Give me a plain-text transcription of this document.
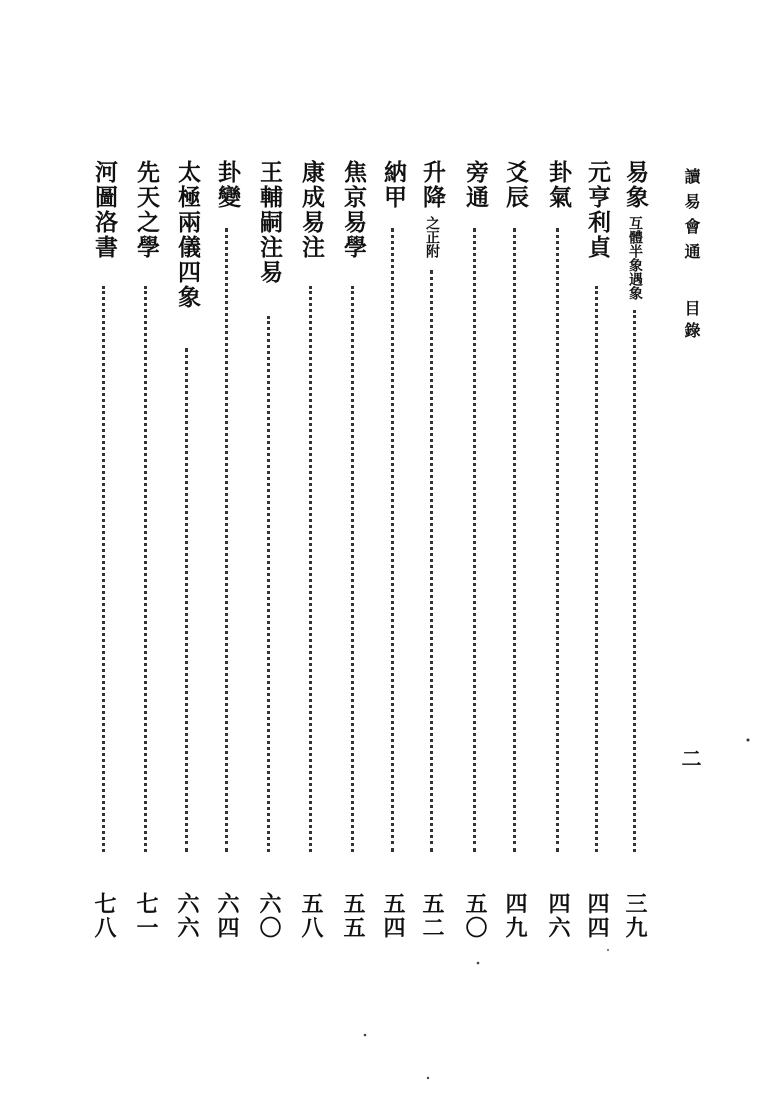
讀易會通
目錄
二
易象互體半象遇象
三九
元亨利貞
四四
卦氣
四六
爻辰
四九
旁通
五〇
升降之正附
五二
納甲
五四
焦京易學
五五
康成易注
五八
王輔嗣注易
六〇
卦變
六四
太極兩儀四象
六六
先天之學
七一
河圖洛書
七八
